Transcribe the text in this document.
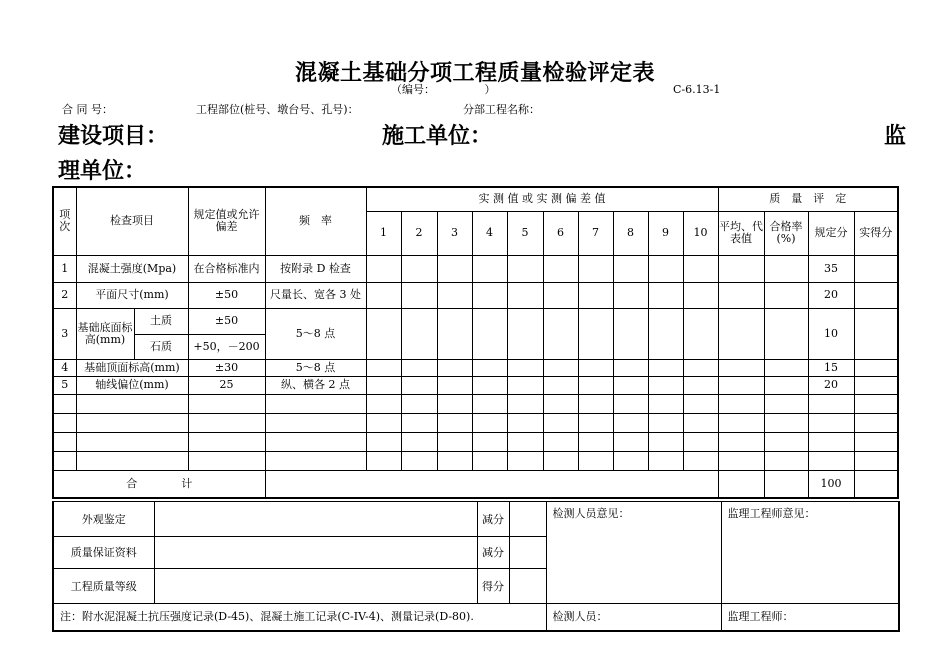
混凝土基础分项工程质量检验评定表
（编号：　　　　　）	C-6.13-1
合 同 号：	工程部位(桩号、墩台号、孔号)：	分部工程名称：
建设项目：	施工单位：	监
理单位：
项次	检查项目		规定值或允许偏差	频　率	实 测 值 或 实 测 偏 差 值										质　量　评　定			
					1	2	3	4	5	6	7	8	9	10	平均、代表值	合格率(%)	规定分	实得分
1	混凝土强度(Mpa)		在合格标准内	按附录 D 检查													35	
2	平面尺寸(mm)		±50	尺量长、宽各 3 处													20	
3	基础底面标高(mm)	土质	±50	5～8 点													10	
		石质	+50，－200															
4	基础顶面标高(mm)		±30	5～8 点													15	
5	轴线偏位(mm)		25	纵、横各 2 点													20	

合　　　　计																	100	
外观鉴定		减分		检测人员意见：	监理工程师意见：
质量保证资料		减分			
工程质量等级		得分			
注：附水泥混凝土抗压强度记录(D-45)、混凝土施工记录(C-IV-4)、测量记录(D-80).				检测人员：	监理工程师：
